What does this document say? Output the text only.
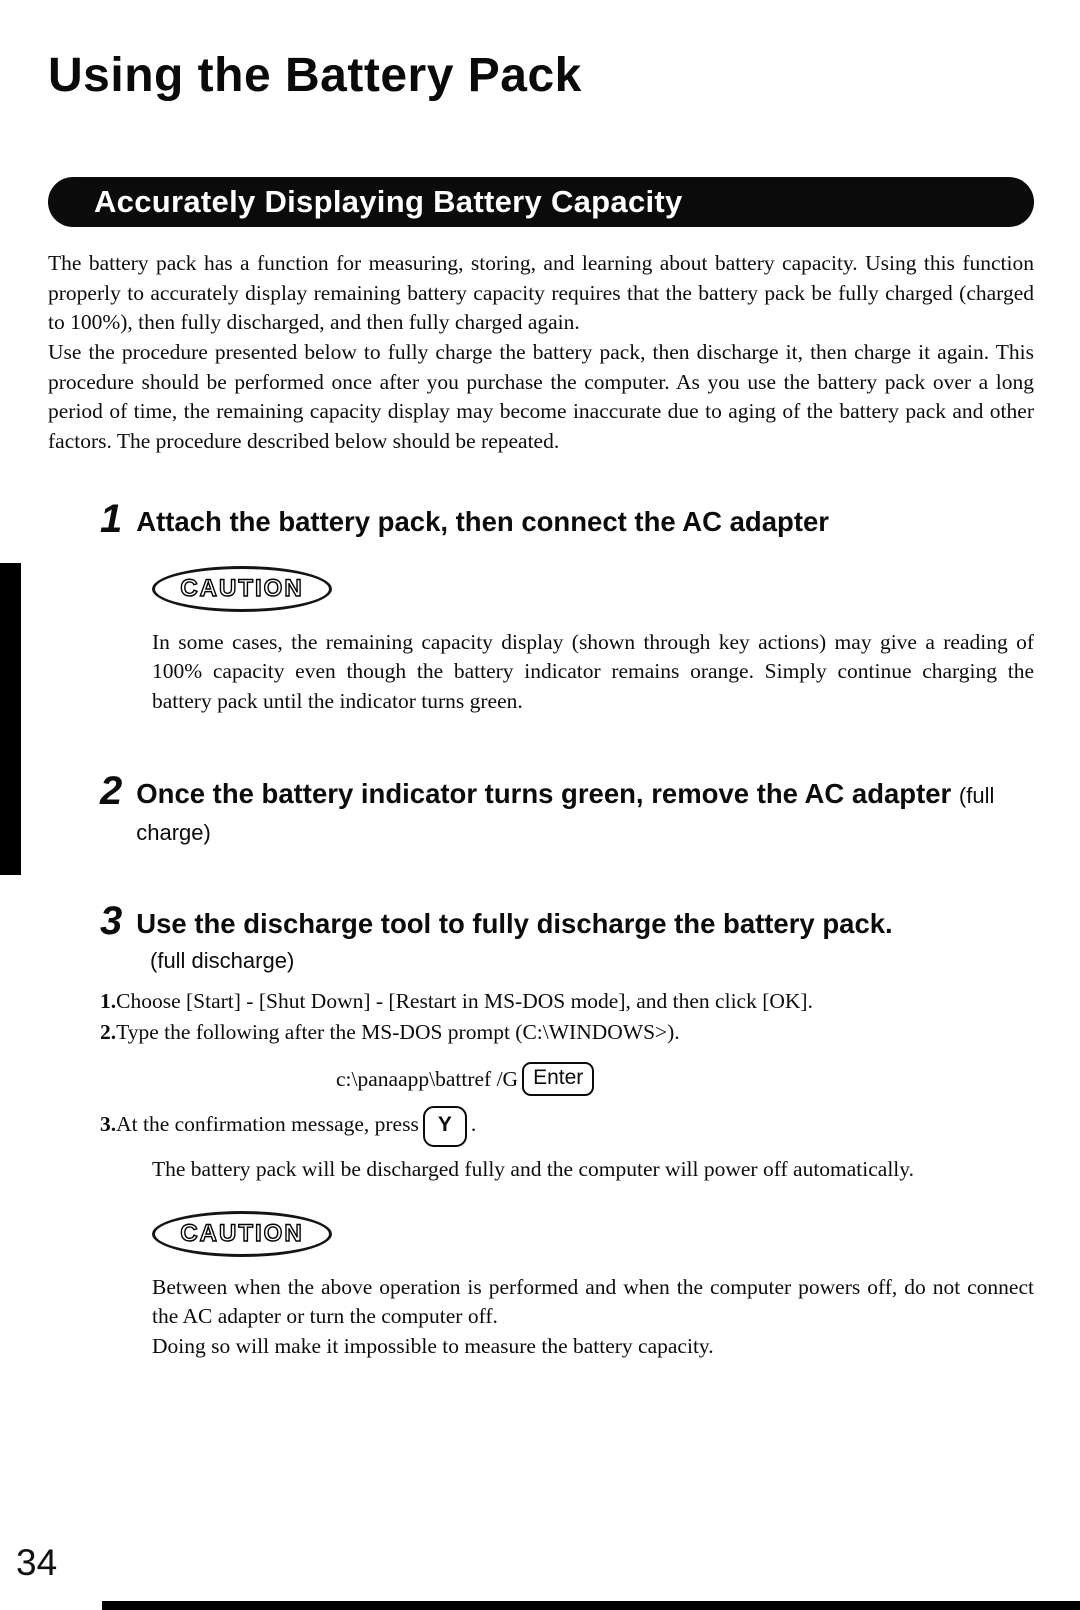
Using the Battery Pack
Accurately Displaying Battery Capacity

The battery pack has a function for measuring, storing, and learning about battery capacity. Using this function properly to accurately display remaining battery capacity requires that the battery pack be fully charged (charged to 100%), then fully discharged, and then fully charged again.

Use the procedure presented below to fully charge the battery pack, then discharge it, then charge it again. This procedure should be performed once after you purchase the computer. As you use the battery pack over a long period of time, the remaining capacity display may become inaccurate due to aging of the battery pack and other factors. The procedure described below should be repeated.

1 Attach the battery pack, then connect the AC adapter
CAUTION

In some cases, the remaining capacity display (shown through key actions) may give a reading of 100% capacity even though the battery indicator remains orange. Simply continue charging the battery pack until the indicator turns green.

2 Once the battery indicator turns green, remove the AC adapter (full charge)
3 Use the discharge tool to fully discharge the battery pack.
(full discharge)

1.Choose [Start] - [Shut Down] - [Restart in MS-DOS mode], and then click [OK].

2.Type the following after the MS-DOS prompt (C:\WINDOWS>).

c:\panaapp\battref /G Enter

3.At the confirmation message, press Y .

The battery pack will be discharged fully and the computer will power off automatically.

CAUTION

Between when the above operation is performed and when the computer powers off, do not connect the AC adapter or turn the computer off.

Doing so will make it impossible to measure the battery capacity.

34
